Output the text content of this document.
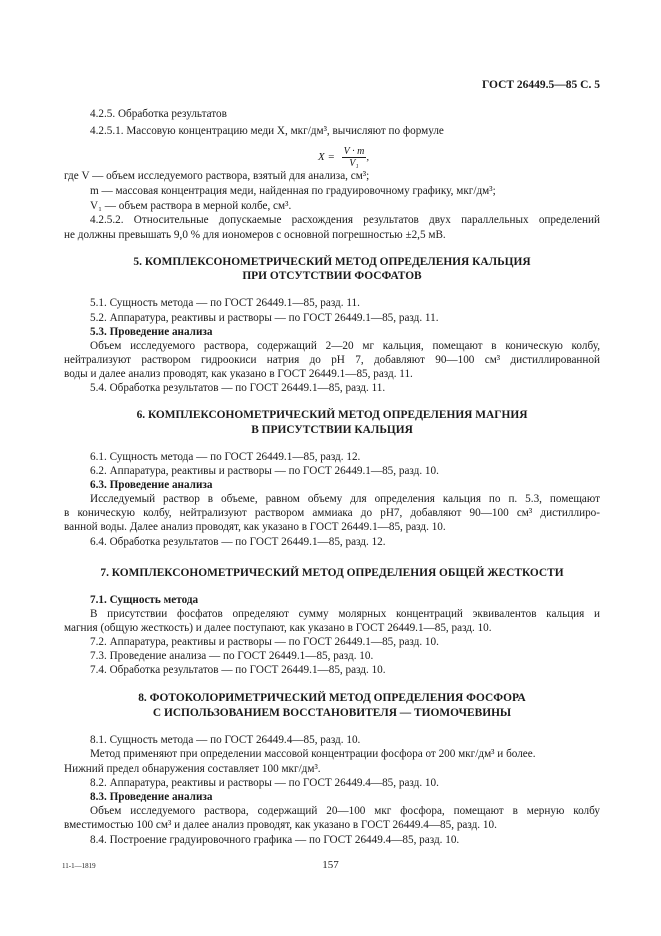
ГОСТ 26449.5—85 С. 5
4.2.5. Обработка результатов
4.2.5.1. Массовую концентрацию меди X, мкг/дм³, вычисляют по формуле
$X = \frac{V \cdot m}{\text{V₁}}$ ,
где V — объем исследуемого раствора, взятый для анализа, см³;
m — массовая концентрация меди, найденная по градуировочному графику, мкг/дм³;
V₁ — объем раствора в мерной колбе, см³.
4.2.5.2. Относительные допускаемые расхождения результатов двух параллельных определений
не должны превышать 9,0 % для иономеров с основной погрешностью ±2,5 мВ.
5. КОМПЛЕКСОНОМЕТРИЧЕСКИЙ МЕТОД ОПРЕДЕЛЕНИЯ КАЛЬЦИЯ
ПРИ ОТСУТСТВИИ ФОСФАТОВ
5.1. Сущность метода — по ГОСТ 26449.1—85, разд. 11.
5.2. Аппаратура, реактивы и растворы — по ГОСТ 26449.1—85, разд. 11.
5.3. Проведение анализа
Объем исследуемого раствора, содержащий 2—20 мг кальция, помещают в коническую колбу,
нейтрализуют раствором гидроокиси натрия до pH 7, добавляют 90—100 см³ дистиллированной
воды и далее анализ проводят, как указано в ГОСТ 26449.1—85, разд. 11.
5.4. Обработка результатов — по ГОСТ 26449.1—85, разд. 11.
6. КОМПЛЕКСОНОМЕТРИЧЕСКИЙ МЕТОД ОПРЕДЕЛЕНИЯ МАГНИЯ
В ПРИСУТСТВИИ КАЛЬЦИЯ
6.1. Сущность метода — по ГОСТ 26449.1—85, разд. 12.
6.2. Аппаратура, реактивы и растворы — по ГОСТ 26449.1—85, разд. 10.
6.3. Проведение анализа
Исследуемый раствор в объеме, равном объему для определения кальция по п. 5.3, помещают
в коническую колбу, нейтрализуют раствором аммиака до pH7, добавляют 90—100 см³ дистиллиро-
ванной воды. Далее анализ проводят, как указано в ГОСТ 26449.1—85, разд. 10.
6.4. Обработка результатов — по ГОСТ 26449.1—85, разд. 12.
7. КОМПЛЕКСОНОМЕТРИЧЕСКИЙ МЕТОД ОПРЕДЕЛЕНИЯ ОБЩЕЙ ЖЕСТКОСТИ
7.1. Сущность метода
В присутствии фосфатов определяют сумму молярных концентраций эквивалентов кальция и
магния (общую жесткость) и далее поступают, как указано в ГОСТ 26449.1—85, разд. 10.
7.2. Аппаратура, реактивы и растворы — по ГОСТ 26449.1—85, разд. 10.
7.3. Проведение анализа — по ГОСТ 26449.1—85, разд. 10.
7.4. Обработка результатов — по ГОСТ 26449.1—85, разд. 10.
8. ФОТОКОЛОРИМЕТРИЧЕСКИЙ МЕТОД ОПРЕДЕЛЕНИЯ ФОСФОРА
С ИСПОЛЬЗОВАНИЕМ ВОССТАНОВИТЕЛЯ — ТИОМОЧЕВИНЫ
8.1. Сущность метода — по ГОСТ 26449.4—85, разд. 10.
Метод применяют при определении массовой концентрации фосфора от 200 мкг/дм³ и более.
Нижний предел обнаружения составляет 100 мкг/дм³.
8.2. Аппаратура, реактивы и растворы — по ГОСТ 26449.4—85, разд. 10.
8.3. Проведение анализа
Объем исследуемого раствора, содержащий 20—100 мкг фосфора, помещают в мерную колбу
вместимостью 100 см³ и далее анализ проводят, как указано в ГОСТ 26449.4—85, разд. 10.
8.4. Построение градуировочного графика — по ГОСТ 26449.4—85, разд. 10.
11-1—1819	157
